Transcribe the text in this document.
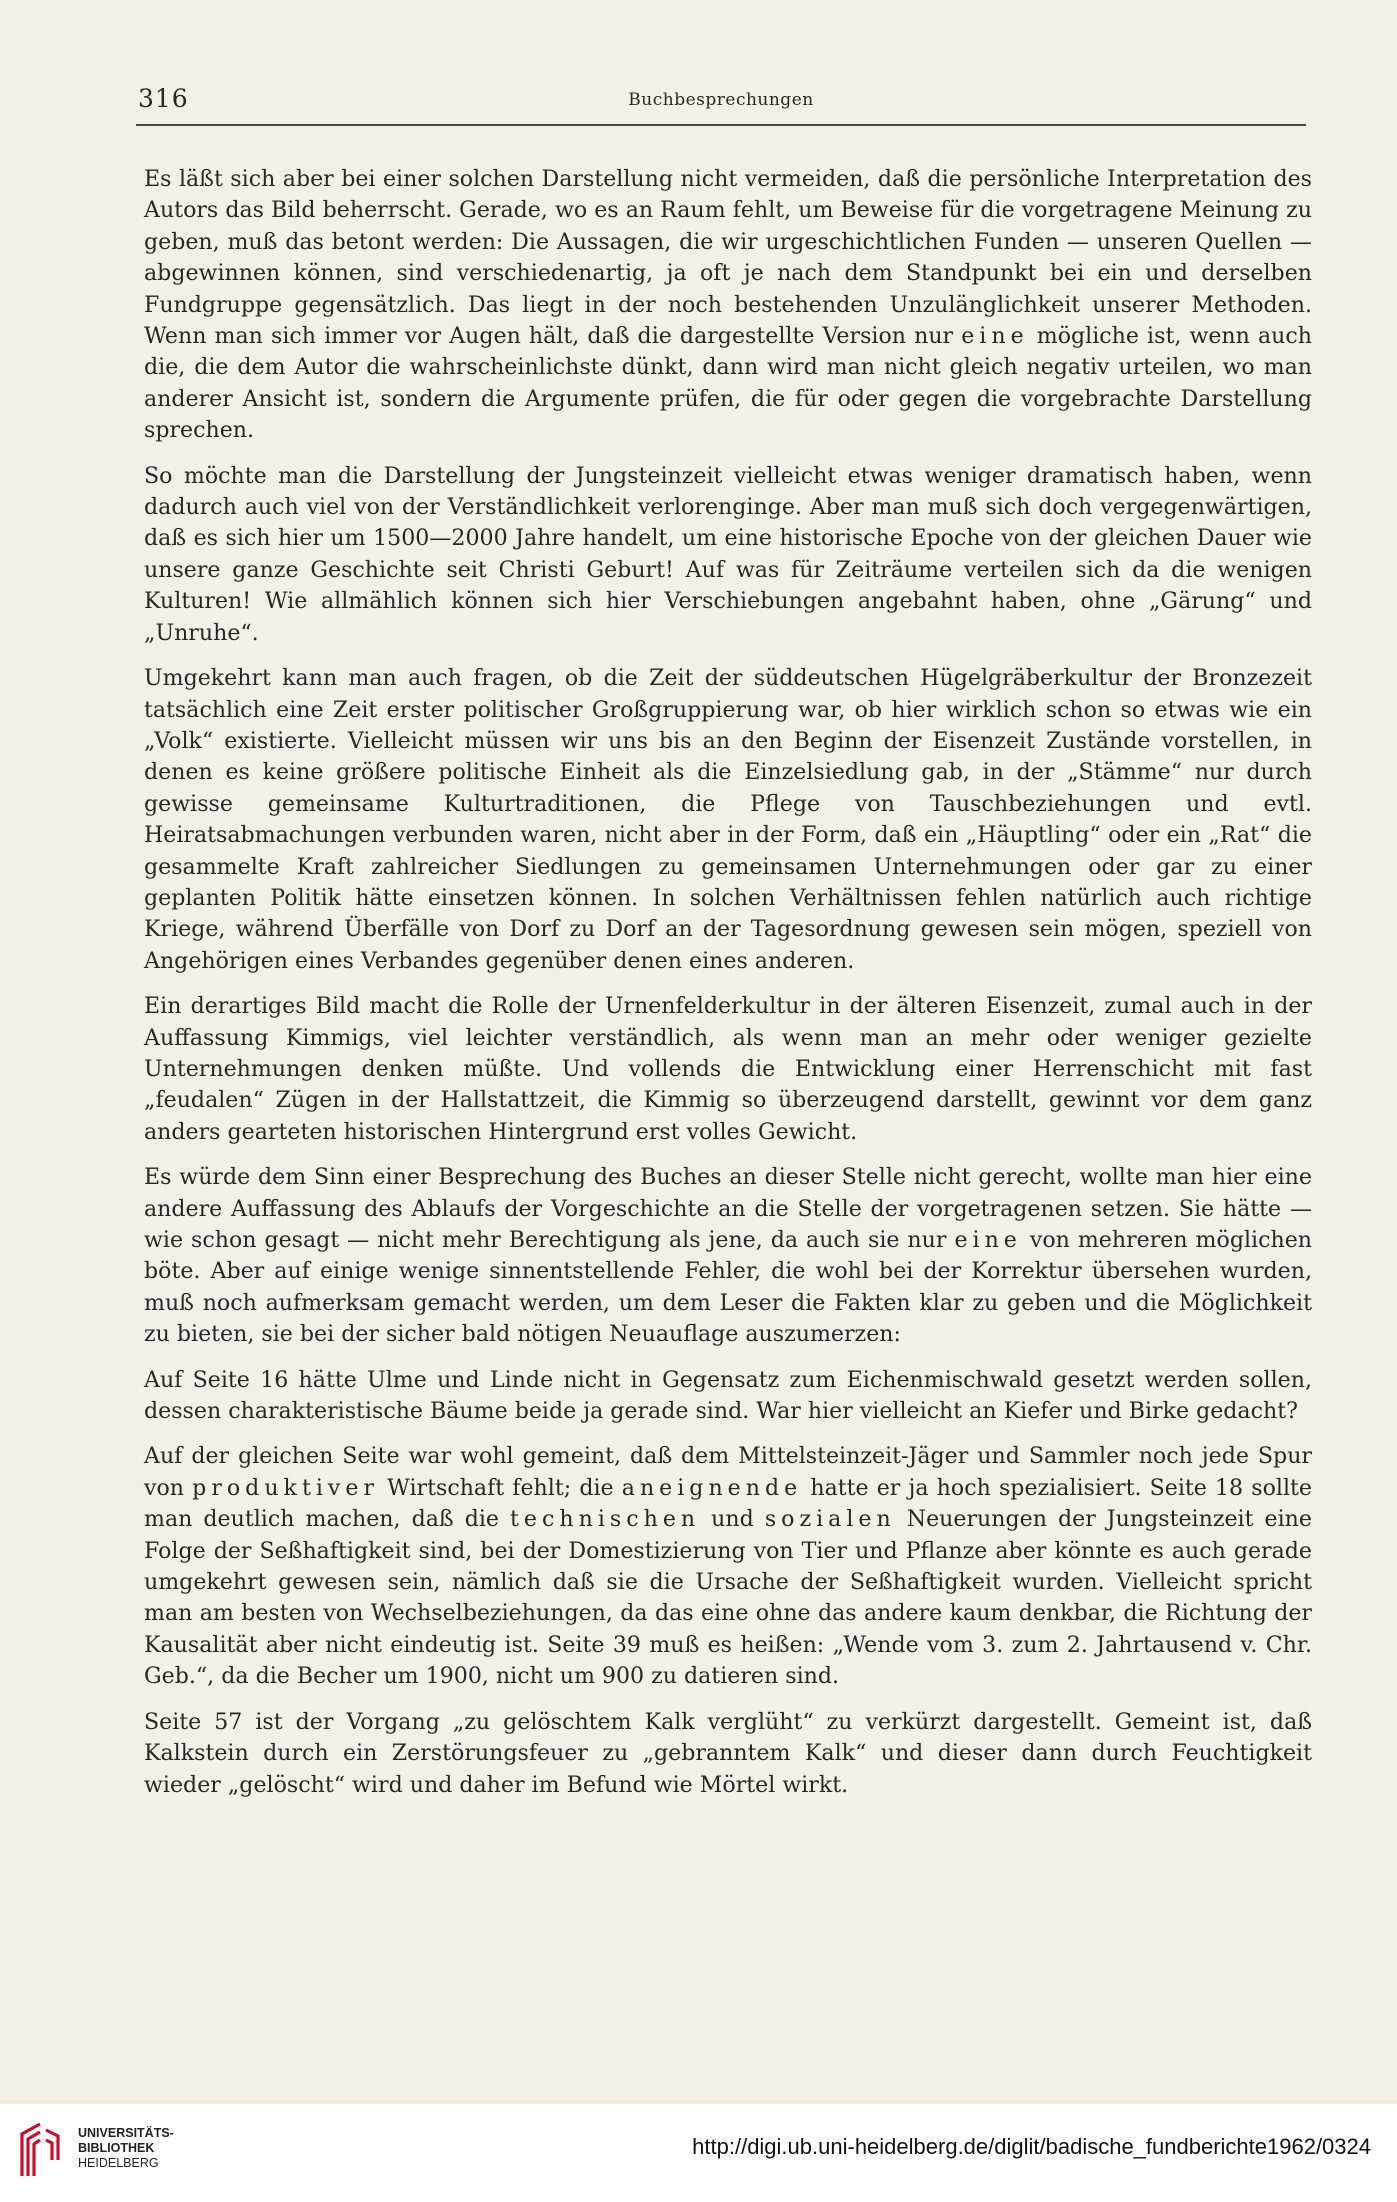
316	Buchbesprechungen

Es läßt sich aber bei einer solchen Darstellung nicht vermeiden, daß die persönliche Interpretation des Autors das Bild beherrscht. Gerade, wo es an Raum fehlt, um Beweise für die vorgetragene Meinung zu geben, muß das betont werden: Die Aussagen, die wir urgeschichtlichen Funden — unseren Quellen — abgewinnen können, sind verschiedenartig, ja oft je nach dem Standpunkt bei ein und derselben Fundgruppe gegensätzlich. Das liegt in der noch bestehenden Unzulänglichkeit unserer Methoden. Wenn man sich immer vor Augen hält, daß die dargestellte Version nur eine mögliche ist, wenn auch die, die dem Autor die wahrscheinlichste dünkt, dann wird man nicht gleich negativ urteilen, wo man anderer Ansicht ist, sondern die Argumente prüfen, die für oder gegen die vorgebrachte Darstellung sprechen.

So möchte man die Darstellung der Jungsteinzeit vielleicht etwas weniger dramatisch haben, wenn dadurch auch viel von der Verständlichkeit verlorenginge. Aber man muß sich doch vergegenwärtigen, daß es sich hier um 1500—2000 Jahre handelt, um eine historische Epoche von der gleichen Dauer wie unsere ganze Geschichte seit Christi Geburt! Auf was für Zeiträume verteilen sich da die wenigen Kulturen! Wie allmählich können sich hier Verschiebungen angebahnt haben, ohne „Gärung“ und „Unruhe“.

Umgekehrt kann man auch fragen, ob die Zeit der süddeutschen Hügelgräberkultur der Bronzezeit tatsächlich eine Zeit erster politischer Großgruppierung war, ob hier wirklich schon so etwas wie ein „Volk“ existierte. Vielleicht müssen wir uns bis an den Beginn der Eisenzeit Zustände vorstellen, in denen es keine größere politische Einheit als die Einzelsiedlung gab, in der „Stämme“ nur durch gewisse gemeinsame Kulturtraditionen, die Pflege von Tauschbeziehungen und evtl. Heiratsabmachungen verbunden waren, nicht aber in der Form, daß ein „Häuptling“ oder ein „Rat“ die gesammelte Kraft zahlreicher Siedlungen zu gemeinsamen Unternehmungen oder gar zu einer geplanten Politik hätte einsetzen können. In solchen Verhältnissen fehlen natürlich auch richtige Kriege, während Überfälle von Dorf zu Dorf an der Tagesordnung gewesen sein mögen, speziell von Angehörigen eines Verbandes gegenüber denen eines anderen.

Ein derartiges Bild macht die Rolle der Urnenfelderkultur in der älteren Eisenzeit, zumal auch in der Auffassung Kimmigs, viel leichter verständlich, als wenn man an mehr oder weniger gezielte Unternehmungen denken müßte. Und vollends die Entwicklung einer Herrenschicht mit fast „feudalen“ Zügen in der Hallstattzeit, die Kimmig so überzeugend darstellt, gewinnt vor dem ganz anders gearteten historischen Hintergrund erst volles Gewicht.

Es würde dem Sinn einer Besprechung des Buches an dieser Stelle nicht gerecht, wollte man hier eine andere Auffassung des Ablaufs der Vorgeschichte an die Stelle der vorgetragenen setzen. Sie hätte — wie schon gesagt — nicht mehr Berechtigung als jene, da auch sie nur eine von mehreren möglichen böte. Aber auf einige wenige sinnentstellende Fehler, die wohl bei der Korrektur übersehen wurden, muß noch aufmerksam gemacht werden, um dem Leser die Fakten klar zu geben und die Möglichkeit zu bieten, sie bei der sicher bald nötigen Neuauflage auszumerzen:

Auf Seite 16 hätte Ulme und Linde nicht in Gegensatz zum Eichenmischwald gesetzt werden sollen, dessen charakteristische Bäume beide ja gerade sind. War hier vielleicht an Kiefer und Birke gedacht?

Auf der gleichen Seite war wohl gemeint, daß dem Mittelsteinzeit-Jäger und Sammler noch jede Spur von produktiver Wirtschaft fehlt; die aneignende hatte er ja hoch spezialisiert. Seite 18 sollte man deutlich machen, daß die technischen und sozialen Neuerungen der Jungsteinzeit eine Folge der Seßhaftigkeit sind, bei der Domestizierung von Tier und Pflanze aber könnte es auch gerade umgekehrt gewesen sein, nämlich daß sie die Ursache der Seßhaftigkeit wurden. Vielleicht spricht man am besten von Wechselbeziehungen, da das eine ohne das andere kaum denkbar, die Richtung der Kausalität aber nicht eindeutig ist. Seite 39 muß es heißen: „Wende vom 3. zum 2. Jahrtausend v. Chr. Geb.“, da die Becher um 1900, nicht um 900 zu datieren sind.

Seite 57 ist der Vorgang „zu gelöschtem Kalk verglüht“ zu verkürzt dargestellt. Gemeint ist, daß Kalkstein durch ein Zerstörungsfeuer zu „gebranntem Kalk“ und dieser dann durch Feuchtigkeit wieder „gelöscht“ wird und daher im Befund wie Mörtel wirkt.

UNIVERSITÄTS-
BIBLIOTHEK
HEIDELBERG
http://digi.ub.uni-heidelberg.de/diglit/badische_fundberichte1962/0324
